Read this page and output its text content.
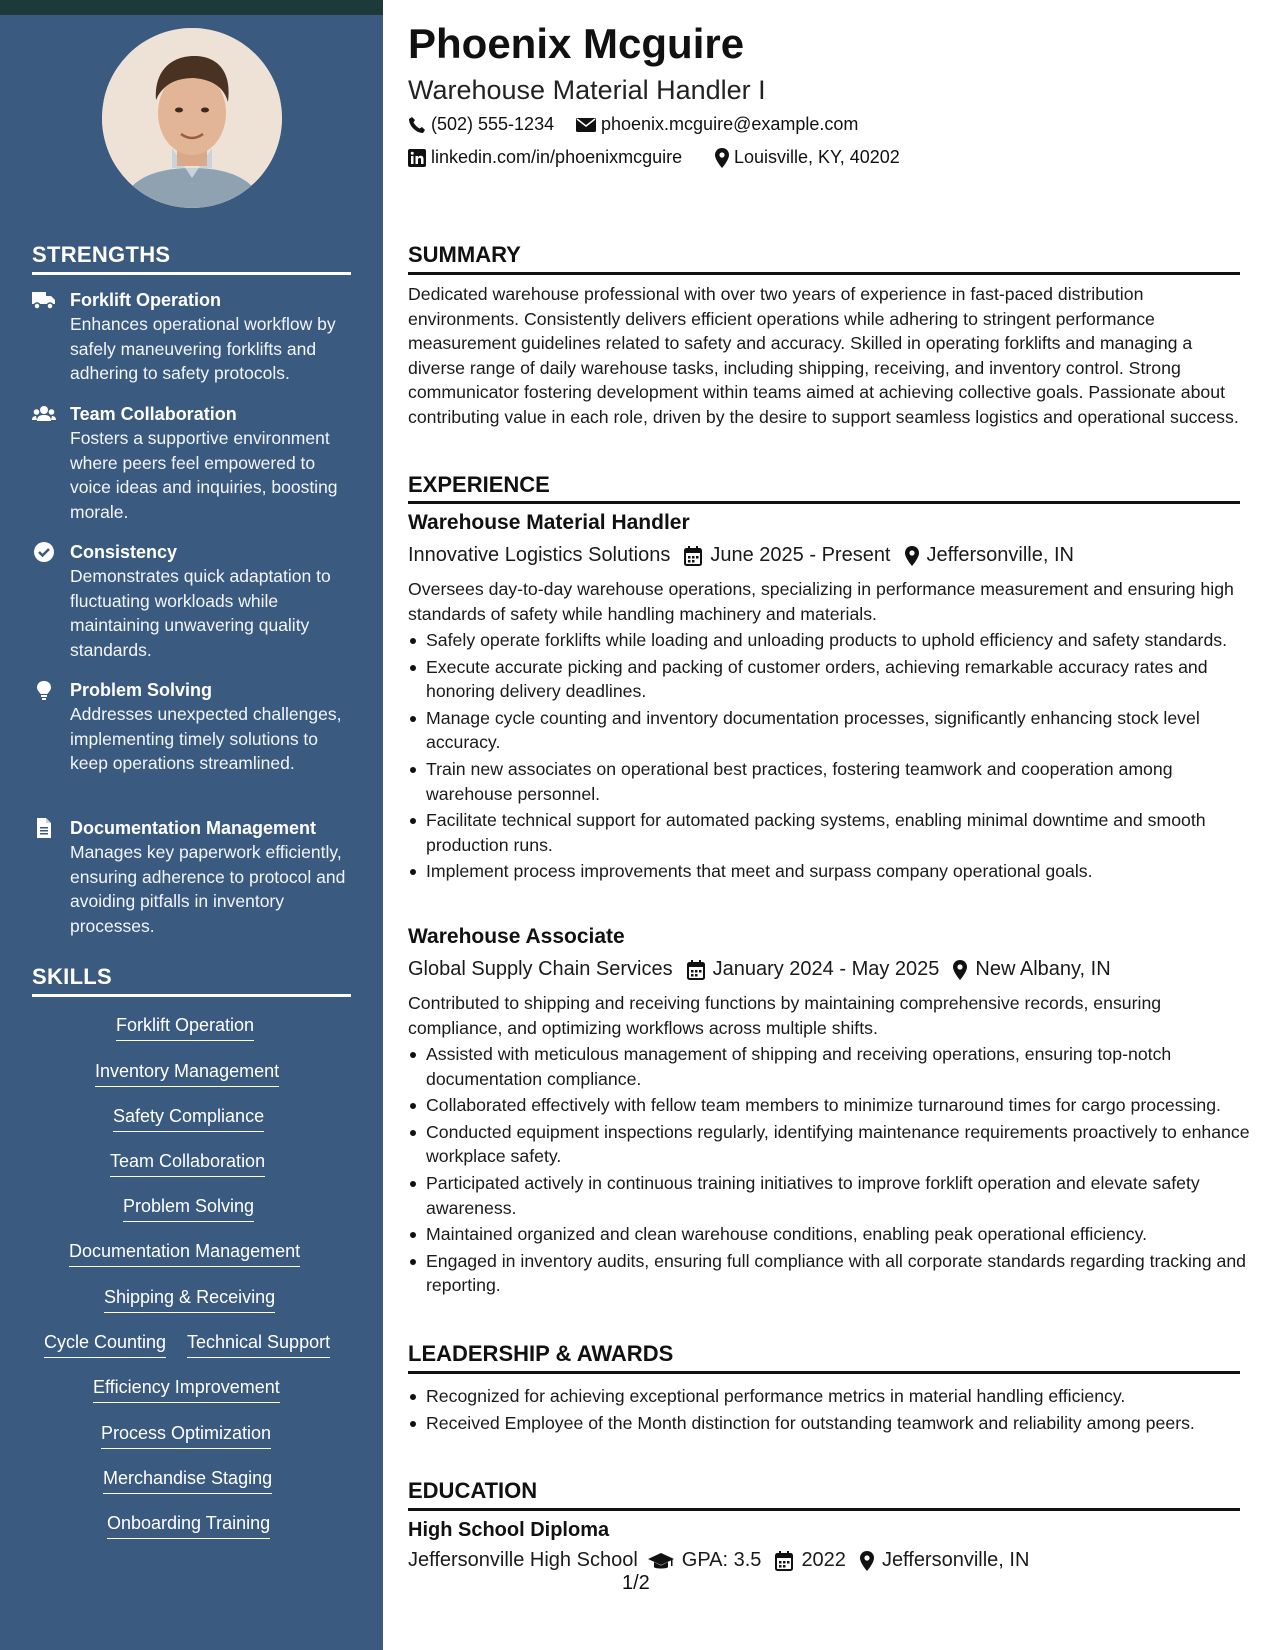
STRENGTHS
Forklift Operation
Enhances operational workflow by safely maneuvering forklifts and adhering to safety protocols.
Team Collaboration
Fosters a supportive environment where peers feel empowered to voice ideas and inquiries, boosting morale.
Consistency
Demonstrates quick adaptation to fluctuating workloads while maintaining unwavering quality standards.
Problem Solving
Addresses unexpected challenges, implementing timely solutions to keep operations streamlined.
Documentation Management
Manages key paperwork efficiently, ensuring adherence to protocol and avoiding pitfalls in inventory processes.
SKILLS
Forklift Operation
Inventory Management
Safety Compliance
Team Collaboration
Problem Solving
Documentation Management
Shipping & Receiving
Cycle Counting Technical Support
Efficiency Improvement
Process Optimization
Merchandise Staging
Onboarding Training
Phoenix Mcguire
Warehouse Material Handler I
(502) 555-1234	phoenix.mcguire@example.com
linkedin.com/in/phoenixmcguire	Louisville, KY, 40202
SUMMARY
Dedicated warehouse professional with over two years of experience in fast-paced distribution environments. Consistently delivers efficient operations while adhering to stringent performance measurement guidelines related to safety and accuracy. Skilled in operating forklifts and managing a diverse range of daily warehouse tasks, including shipping, receiving, and inventory control. Strong communicator fostering development within teams aimed at achieving collective goals. Passionate about contributing value in each role, driven by the desire to support seamless logistics and operational success.
EXPERIENCE
Warehouse Material Handler
Innovative Logistics Solutions June 2025 - Present Jeffersonville, IN
Oversees day-to-day warehouse operations, specializing in performance measurement and ensuring high standards of safety while handling machinery and materials.
Safely operate forklifts while loading and unloading products to uphold efficiency and safety standards.
Execute accurate picking and packing of customer orders, achieving remarkable accuracy rates and honoring delivery deadlines.
Manage cycle counting and inventory documentation processes, significantly enhancing stock level accuracy.
Train new associates on operational best practices, fostering teamwork and cooperation among warehouse personnel.
Facilitate technical support for automated packing systems, enabling minimal downtime and smooth production runs.
Implement process improvements that meet and surpass company operational goals.
Warehouse Associate
Global Supply Chain Services January 2024 - May 2025 New Albany, IN
Contributed to shipping and receiving functions by maintaining comprehensive records, ensuring compliance, and optimizing workflows across multiple shifts.
Assisted with meticulous management of shipping and receiving operations, ensuring top-notch documentation compliance.
Collaborated effectively with fellow team members to minimize turnaround times for cargo processing.
Conducted equipment inspections regularly, identifying maintenance requirements proactively to enhance workplace safety.
Participated actively in continuous training initiatives to improve forklift operation and elevate safety awareness.
Maintained organized and clean warehouse conditions, enabling peak operational efficiency.
Engaged in inventory audits, ensuring full compliance with all corporate standards regarding tracking and reporting.
LEADERSHIP & AWARDS
Recognized for achieving exceptional performance metrics in material handling efficiency.
Received Employee of the Month distinction for outstanding teamwork and reliability among peers.
EDUCATION
High School Diploma
Jeffersonville High School GPA: 3.5 2022 Jeffersonville, IN
1/2
